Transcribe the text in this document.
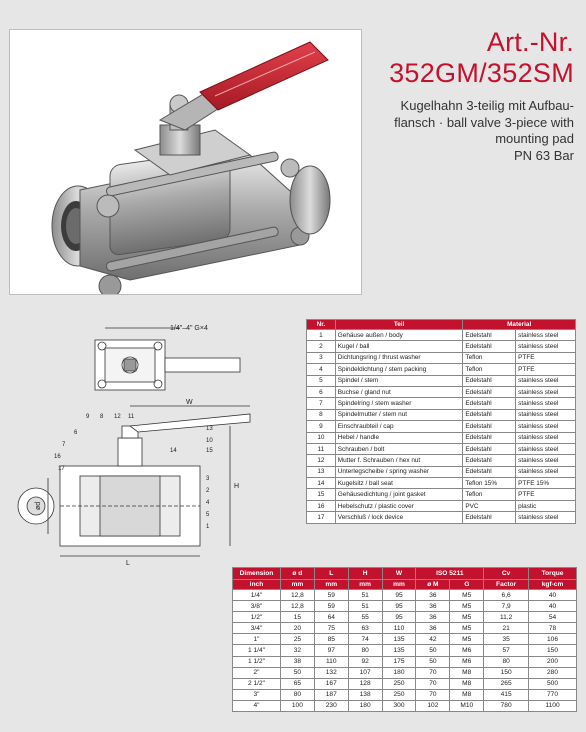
Art.-Nr.
352GM/352SM
Kugelhahn 3-teilig mit Aufbau-
flansch · ball valve 3-piece with
mounting pad
PN 63 Bar
1/4"–4" G×4
W
H
L
ød
9 8 12 11
6
13
10
14
7
16
15
17
3
2
4
5
1
Nr.	Teil	Material	
1	Gehäuse außen / body	Edelstahl	stainless steel
2	Kugel / ball	Edelstahl	stainless steel
3	Dichtungsring / thrust washer	Teflon	PTFE
4	Spindeldichtung / stem packing	Teflon	PTFE
5	Spindel / stem	Edelstahl	stainless steel
6	Buchse / gland nut	Edelstahl	stainless steel
7	Spindelring / stem washer	Edelstahl	stainless steel
8	Spindelmutter / stem nut	Edelstahl	stainless steel
9	Einschraubteil / cap	Edelstahl	stainless steel
10	Hebel / handle	Edelstahl	stainless steel
11	Schrauben / bolt	Edelstahl	stainless steel
12	Mutter f. Schrauben / hex nut	Edelstahl	stainless steel
13	Unterlegscheibe / spring washer	Edelstahl	stainless steel
14	Kugelsitz / ball seat	Teflon 15%	PTFE 15%
15	Gehäusedichtung / joint gasket	Teflon	PTFE
16	Hebelschutz / plastic cover	PVC	plastic
17	Verschluß / lock device	Edelstahl	stainless steel
Dimension	ø d	L	H	W	ISO 5211		Cv	Torque
inch	mm	mm	mm	mm	ø M	G	Factor	kgf-cm
1/4"	12,8	59	51	95	36	M5	6,6	40
3/8"	12,8	59	51	95	36	M5	7,9	40
1/2"	15	64	55	95	36	M5	11,2	54
3/4"	20	75	63	110	36	M5	21	78
1"	25	85	74	135	42	M5	35	106
1 1/4"	32	97	80	135	50	M6	57	150
1 1/2"	38	110	92	175	50	M6	80	200
2"	50	132	107	180	70	M8	150	280
2 1/2"	65	167	128	250	70	M8	265	500
3"	80	187	138	250	70	M8	415	770
4"	100	230	180	300	102	M10	780	1100
